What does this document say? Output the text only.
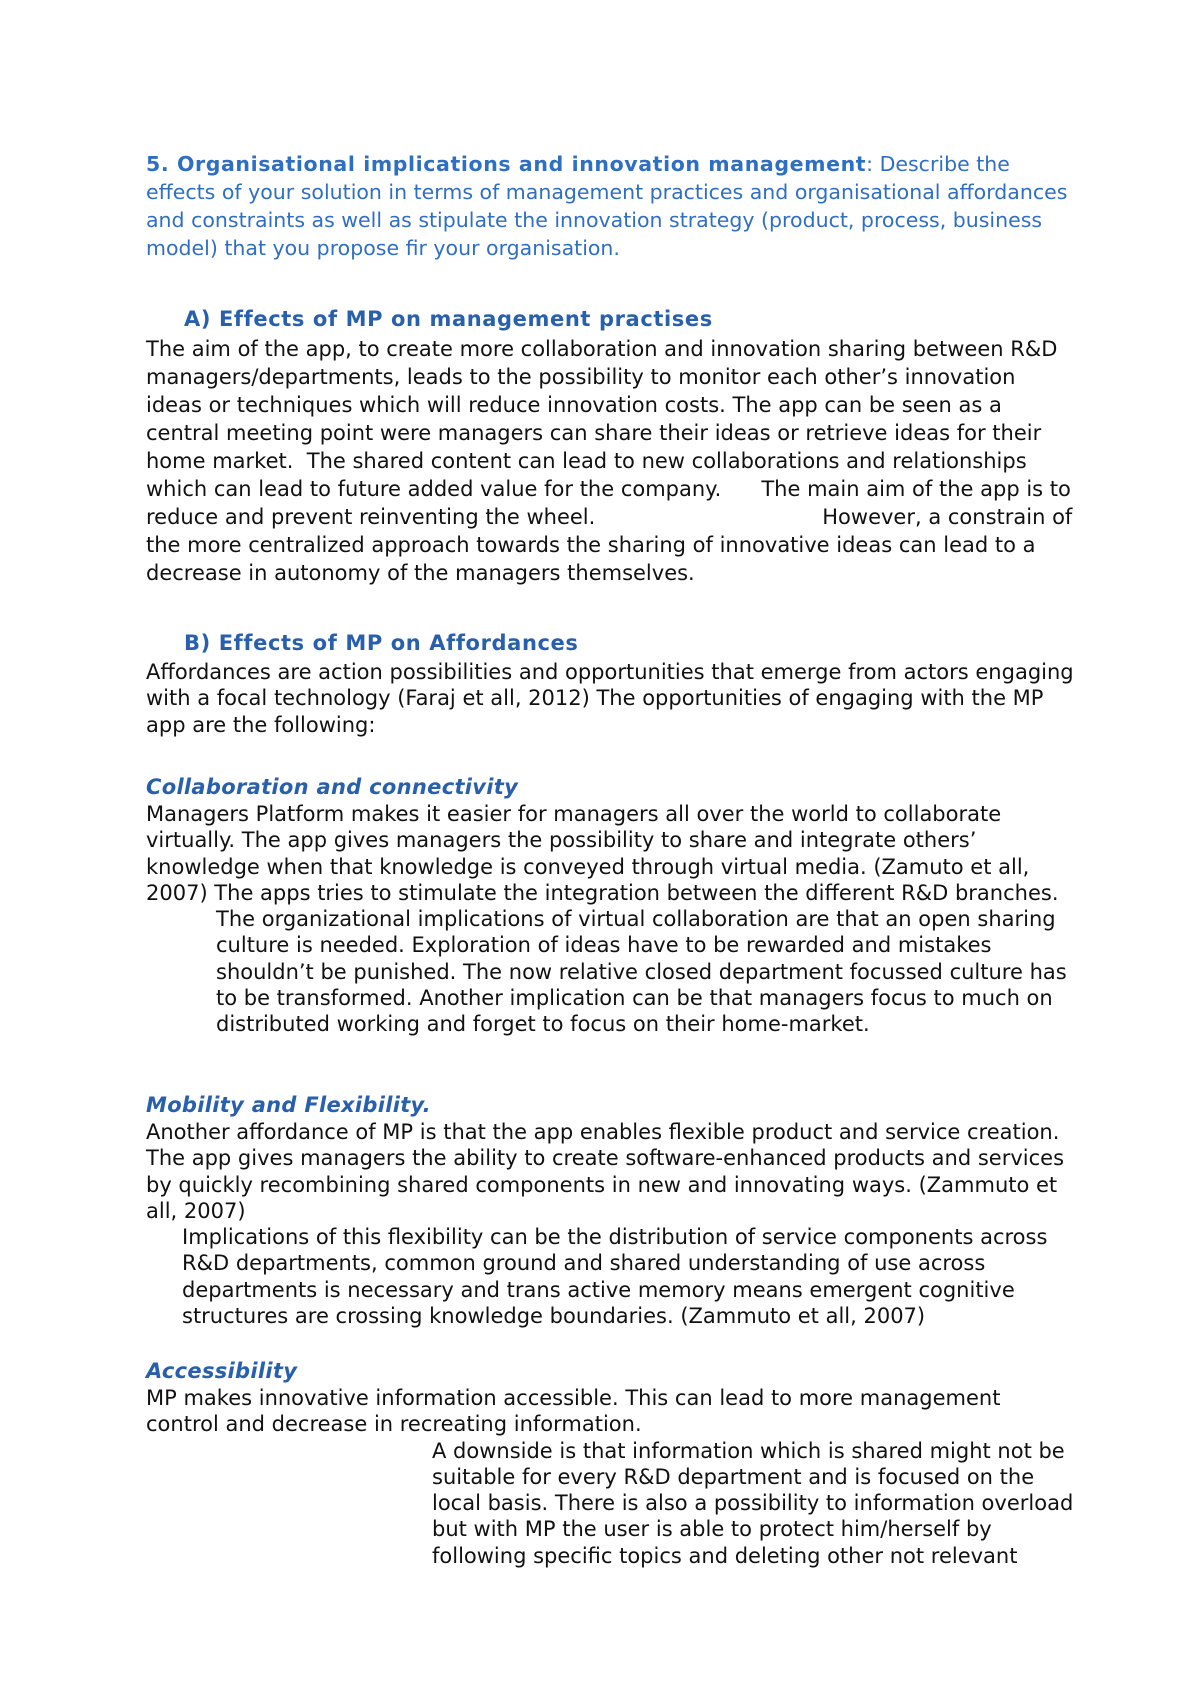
5. Organisational implications and innovation management: Describe the effects of your solution in terms of management practices and organisational affordances and constraints as well as stipulate the innovation strategy (product, process, business model) that you propose fir your organisation.

A) Effects of MP on management practises

The aim of the app, to create more collaboration and innovation sharing between R&D  managers/departments, leads to the possibility to monitor each other’s innovation ideas or techniques which will reduce innovation costs. The app can be seen as a central meeting point were managers can share their ideas or retrieve ideas for their home market.  The shared content can lead to new collaborations and relationships which can lead to future added value for the company.      The main aim of the app is to reduce and prevent reinventing the wheel.                                  However, a constrain of the more centralized approach towards the sharing of innovative ideas can lead to a decrease in autonomy of the managers themselves.

B) Effects of MP on Affordances

Affordances are action possibilities and opportunities that emerge from actors engaging with a focal technology (Faraj et all, 2012) The opportunities of engaging with the MP app are the following:

Collaboration and connectivity

Managers Platform makes it easier for managers all over the world to collaborate virtually. The app gives managers the possibility to share and integrate others’ knowledge when that knowledge is conveyed through virtual media. (Zamuto et all, 2007) The apps tries to stimulate the integration between the different R&D branches.

The organizational implications of virtual collaboration are that an open sharing culture is needed. Exploration of ideas have to be rewarded and mistakes shouldn’t be punished. The now relative closed department focussed culture has to be transformed. Another implication can be that managers focus to much on distributed working and forget to focus on their home-market.

Mobility and Flexibility.

Another affordance of MP is that the app enables flexible product and service creation. The app gives managers the ability to create software-enhanced products and services by quickly recombining shared components in new and innovating ways. (Zammuto et all, 2007)

Implications of this flexibility can be the distribution of service components across R&D departments, common ground and shared understanding of use across departments is necessary and trans active memory means emergent cognitive structures are crossing knowledge boundaries. (Zammuto et all, 2007)

Accessibility

MP makes innovative information accessible. This can lead to more management control and decrease in recreating information.

A downside is that information which is shared might not be suitable for every R&D department and is focused on the local basis. There is also a possibility to information overload but with MP the user is able to protect him/herself by following specific topics and deleting other not relevant
